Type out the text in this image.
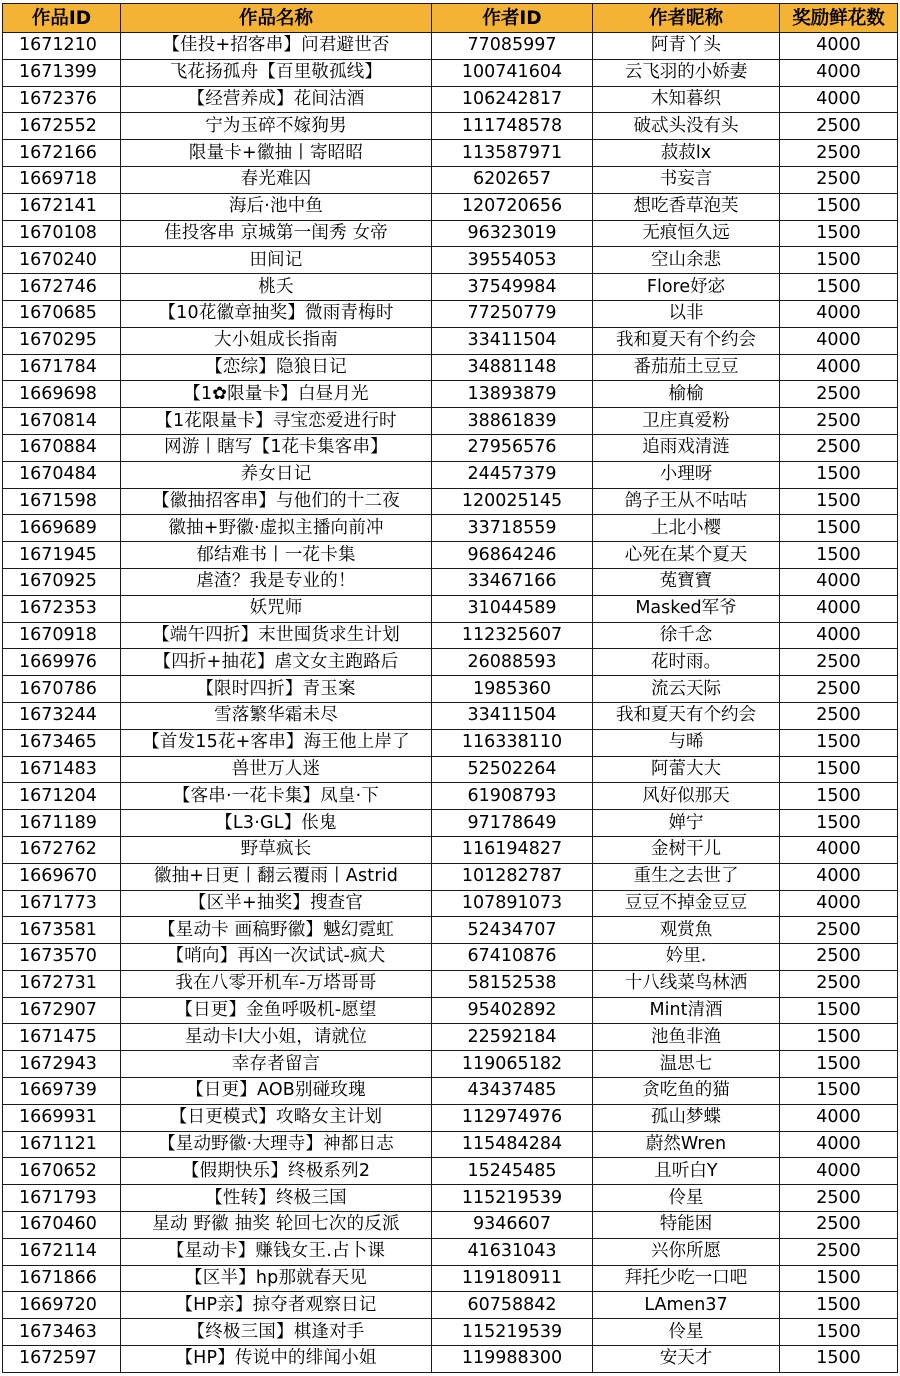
作品ID	作品名称	作者ID	作者昵称	奖励鲜花数
1671210	【佳投+招客串】问君避世否	77085997	阿青丫头	4000
1671399	飞花扬孤舟【百里敬孤线】	100741604	云飞羽的小娇妻	4000
1672376	【经营养成】花间沽酒	106242817	木知暮织	4000
1672552	宁为玉碎不嫁狗男	111748578	破忒头没有头	2500
1672166	限量卡+徽抽丨寄昭昭	113587971	菽菽lx	2500
1669718	春光难囚	6202657	书妄言	2500
1672141	海后·池中鱼	120720656	想吃香草泡芙	1500
1670108	佳投客串 京城第一闺秀 女帝	96323019	无痕恒久远	1500
1670240	田间记	39554053	空山余悲	1500
1672746	桃夭	37549984	Flore妤宓	1500
1670685	【10花徽章抽奖】微雨青梅时	77250779	以非	4000
1670295	大小姐成长指南	33411504	我和夏天有个约会	4000
1671784	【恋综】隐狼日记	34881148	番茄茄土豆豆	4000
1669698	【1✿限量卡】白昼月光	13893879	榆榆	2500
1670814	【1花限量卡】寻宝恋爱进行时	38861839	卫庄真爱粉	2500
1670884	网游丨瞎写【1花卡集客串】	27956576	追雨戏清涟	2500
1670484	养女日记	24457379	小理呀	1500
1671598	【徽抽招客串】与他们的十二夜	120025145	鸽子王从不咕咕	1500
1669689	徽抽+野徽·虚拟主播向前冲	33718559	上北小樱	1500
1671945	郁结难书丨一花卡集	96864246	心死在某个夏天	1500
1670925	虐渣？我是专业的！	33467166	菟寶寶	4000
1672353	妖咒师	31044589	Masked军爷	4000
1670918	【端午四折】末世囤货求生计划	112325607	徐千念	4000
1669976	【四折+抽花】虐文女主跑路后	26088593	花时雨。	2500
1670786	【限时四折】青玉案	1985360	流云天际	2500
1673244	雪落繁华霜未尽	33411504	我和夏天有个约会	2500
1673465	【首发15花+客串】海王他上岸了	116338110	与晞	1500
1671483	兽世万人迷	52502264	阿蕾大大	1500
1671204	【客串·一花卡集】凤皇·下	61908793	风好似那天	1500
1671189	【L3·GL】伥鬼	97178649	婵宁	1500
1672762	野草疯长	116194827	金树干儿	4000
1669670	徽抽+日更丨翻云覆雨丨Astrid	101282787	重生之去世了	4000
1671773	【区半+抽奖】搜查官	107891073	豆豆不掉金豆豆	4000
1673581	【星动卡 画稿野徽】魆幻霓虹	52434707	观赏魚	2500
1673570	【哨向】再凶一次试试-疯犬	67410876	妗里.	2500
1672731	我在八零开机车-万塔哥哥	58152538	十八线菜鸟林洒	2500
1672907	【日更】金鱼呼吸机-愿望	95402892	Mint清酒	1500
1671475	星动卡l大小姐，请就位	22592184	池鱼非渔	1500
1672943	幸存者留言	119065182	温思七	1500
1669739	【日更】AOB别碰玫瑰	43437485	贪吃鱼的猫	1500
1669931	【日更模式】攻略女主计划	112974976	孤山梦蝶	4000
1671121	【星动野徽·大理寺】神都日志	115484284	蔚然Wren	4000
1670652	【假期快乐】终极系列2	15245485	且听白Y	4000
1671793	【性转】终极三国	115219539	伶星	2500
1670460	星动 野徽 抽奖 轮回七次的反派	9346607	特能困	2500
1672114	【星动卡】赚钱女王.占卜课	41631043	兴你所愿	2500
1671866	【区半】hp那就春天见	119180911	拜托少吃一口吧	1500
1669720	【HP亲】掠夺者观察日记	60758842	LAmen37	1500
1673463	【终极三国】棋逢对手	115219539	伶星	1500
1672597	【HP】传说中的绯闻小姐	119988300	安天才	1500
